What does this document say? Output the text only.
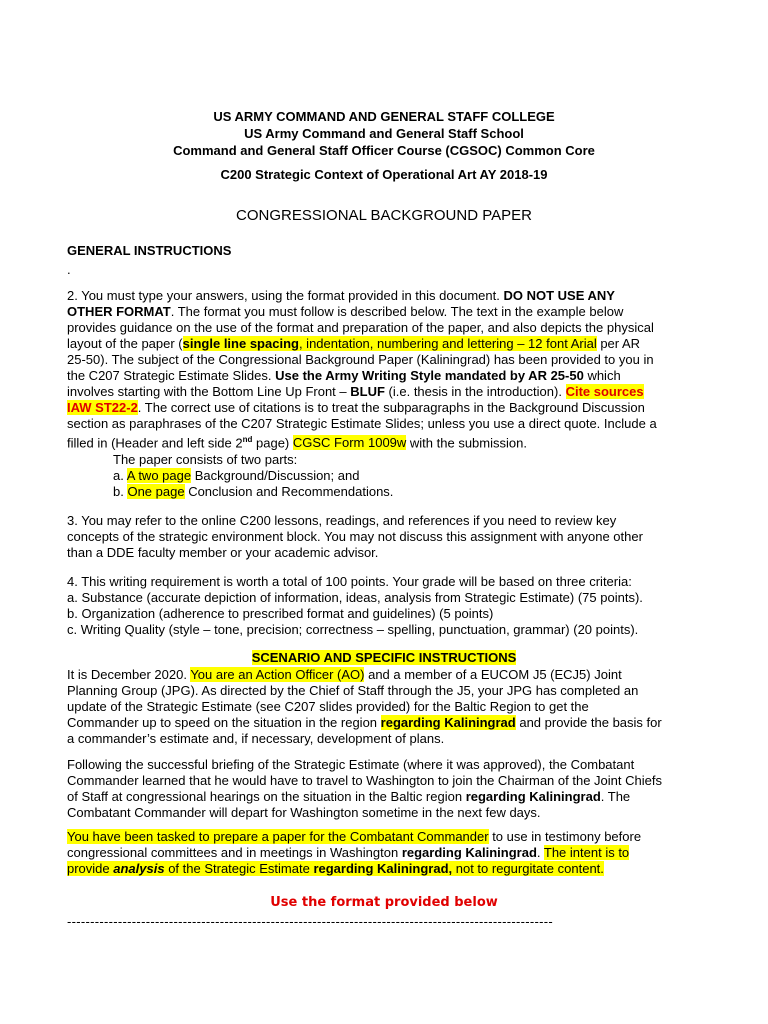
US ARMY COMMAND AND GENERAL STAFF COLLEGE
US Army Command and General Staff School
Command and General Staff Officer Course (CGSOC) Common Core
C200 Strategic Context of Operational Art AY 2018-19
CONGRESSIONAL BACKGROUND PAPER
GENERAL INSTRUCTIONS
.
2. You must type your answers, using the format provided in this document. DO NOT USE ANY
OTHER FORMAT. The format you must follow is described below. The text in the example below
provides guidance on the use of the format and preparation of the paper, and also depicts the physical
layout of the paper (single line spacing, indentation, numbering and lettering – 12 font Arial per AR
25-50). The subject of the Congressional Background Paper (Kaliningrad) has been provided to you in
the C207 Strategic Estimate Slides. Use the Army Writing Style mandated by AR 25-50 which
involves starting with the Bottom Line Up Front – BLUF (i.e. thesis in the introduction). Cite sources
IAW ST22-2. The correct use of citations is to treat the subparagraphs in the Background Discussion
section as paraphrases of the C207 Strategic Estimate Slides; unless you use a direct quote. Include a
filled in (Header and left side 2nd page) CGSC Form 1009w with the submission.
The paper consists of two parts:
a. A two page Background/Discussion; and
b. One page Conclusion and Recommendations.
3. You may refer to the online C200 lessons, readings, and references if you need to review key
concepts of the strategic environment block. You may not discuss this assignment with anyone other
than a DDE faculty member or your academic advisor.
4. This writing requirement is worth a total of 100 points. Your grade will be based on three criteria:
a. Substance (accurate depiction of information, ideas, analysis from Strategic Estimate) (75 points).
b. Organization (adherence to prescribed format and guidelines) (5 points)
c. Writing Quality (style – tone, precision; correctness – spelling, punctuation, grammar) (20 points).
SCENARIO AND SPECIFIC INSTRUCTIONS
It is December 2020. You are an Action Officer (AO) and a member of a EUCOM J5 (ECJ5) Joint
Planning Group (JPG). As directed by the Chief of Staff through the J5, your JPG has completed an
update of the Strategic Estimate (see C207 slides provided) for the Baltic Region to get the
Commander up to speed on the situation in the region regarding Kaliningrad and provide the basis for
a commander’s estimate and, if necessary, development of plans.
Following the successful briefing of the Strategic Estimate (where it was approved), the Combatant
Commander learned that he would have to travel to Washington to join the Chairman of the Joint Chiefs
of Staff at congressional hearings on the situation in the Baltic region regarding Kaliningrad. The
Combatant Commander will depart for Washington sometime in the next few days.
You have been tasked to prepare a paper for the Combatant Commander to use in testimony before
congressional committees and in meetings in Washington regarding Kaliningrad. The intent is to
provide analysis of the Strategic Estimate regarding Kaliningrad, not to regurgitate content.
Use the format provided below
---------------------------------------------------------------------------------------------------------
